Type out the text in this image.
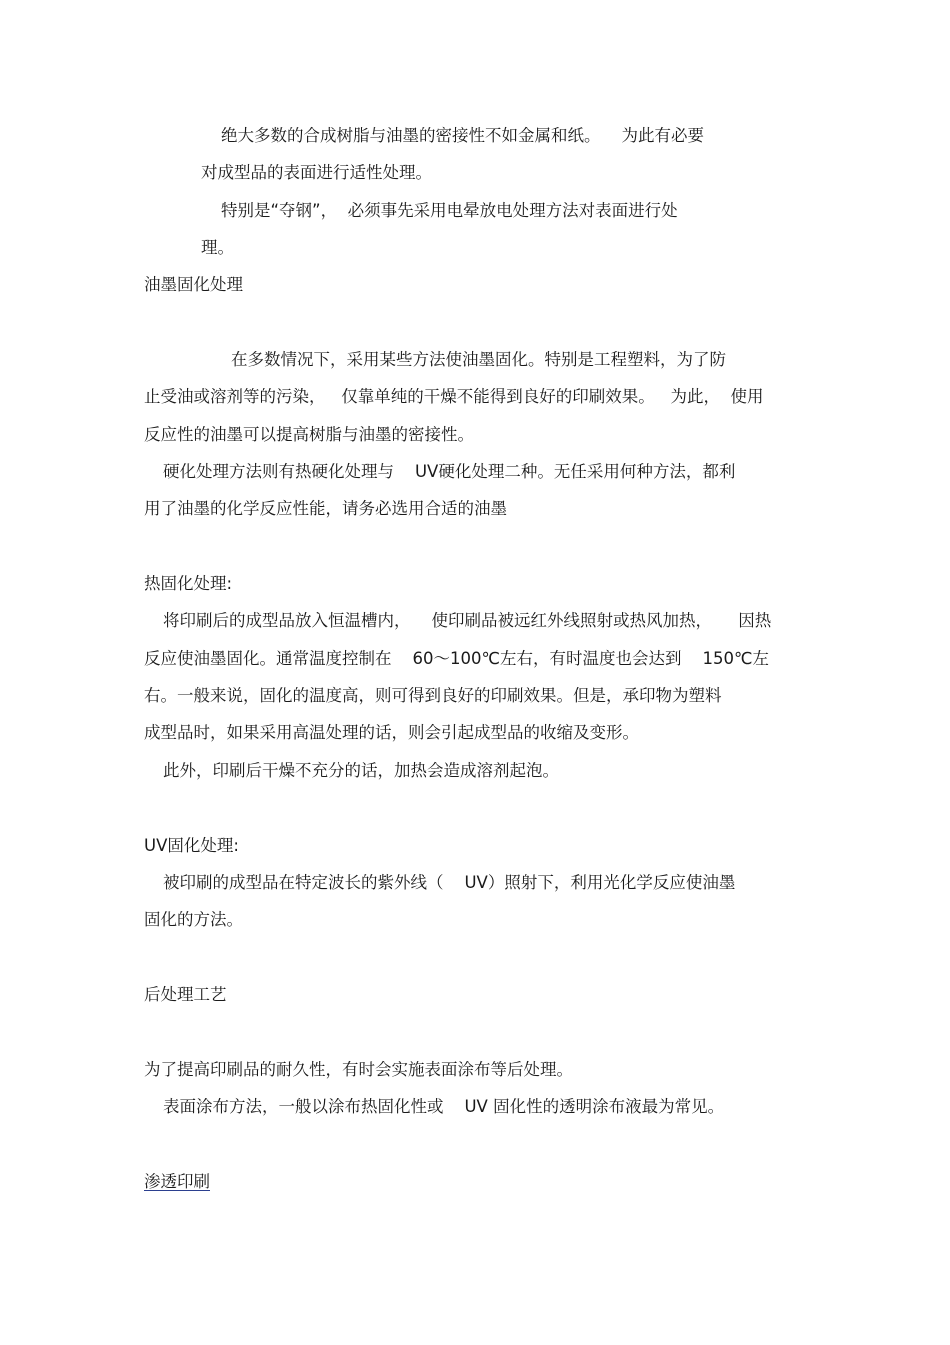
绝大多数的合成树脂与油墨的密接性不如金属和纸。    为此有必要
对成型品的表面进行适性处理。
特别是“夺钢”，  必须事先采用电晕放电处理方法对表面进行处
理。
油墨固化处理
在多数情况下，采用某些方法使油墨固化。特别是工程塑料，为了防
止受油或溶剂等的污染，   仅靠单纯的干燥不能得到良好的印刷效果。   为此，  使用
反应性的油墨可以提高树脂与油墨的密接性。
硬化处理方法则有热硬化处理与    UV硬化处理二种。无任采用何种方法，都利
用了油墨的化学反应性能，请务必选用合适的油墨
热固化处理:
将印刷后的成型品放入恒温槽内，    使印刷品被远红外线照射或热风加热，     因热
反应使油墨固化。通常温度控制在    60～100℃左右，有时温度也会达到    150℃左
右。一般来说，固化的温度高，则可得到良好的印刷效果。但是，承印物为塑料
成型品时，如果采用高温处理的话，则会引起成型品的收缩及变形。
此外，印刷后干燥不充分的话，加热会造成溶剂起泡。
UV固化处理:
被印刷的成型品在特定波长的紫外线（    UV）照射下，利用光化学反应使油墨
固化的方法。
后处理工艺
为了提高印刷品的耐久性，有时会实施表面涂布等后处理。
表面涂布方法，一般以涂布热固化性或    UV 固化性的透明涂布液最为常见。
渗透印刷
